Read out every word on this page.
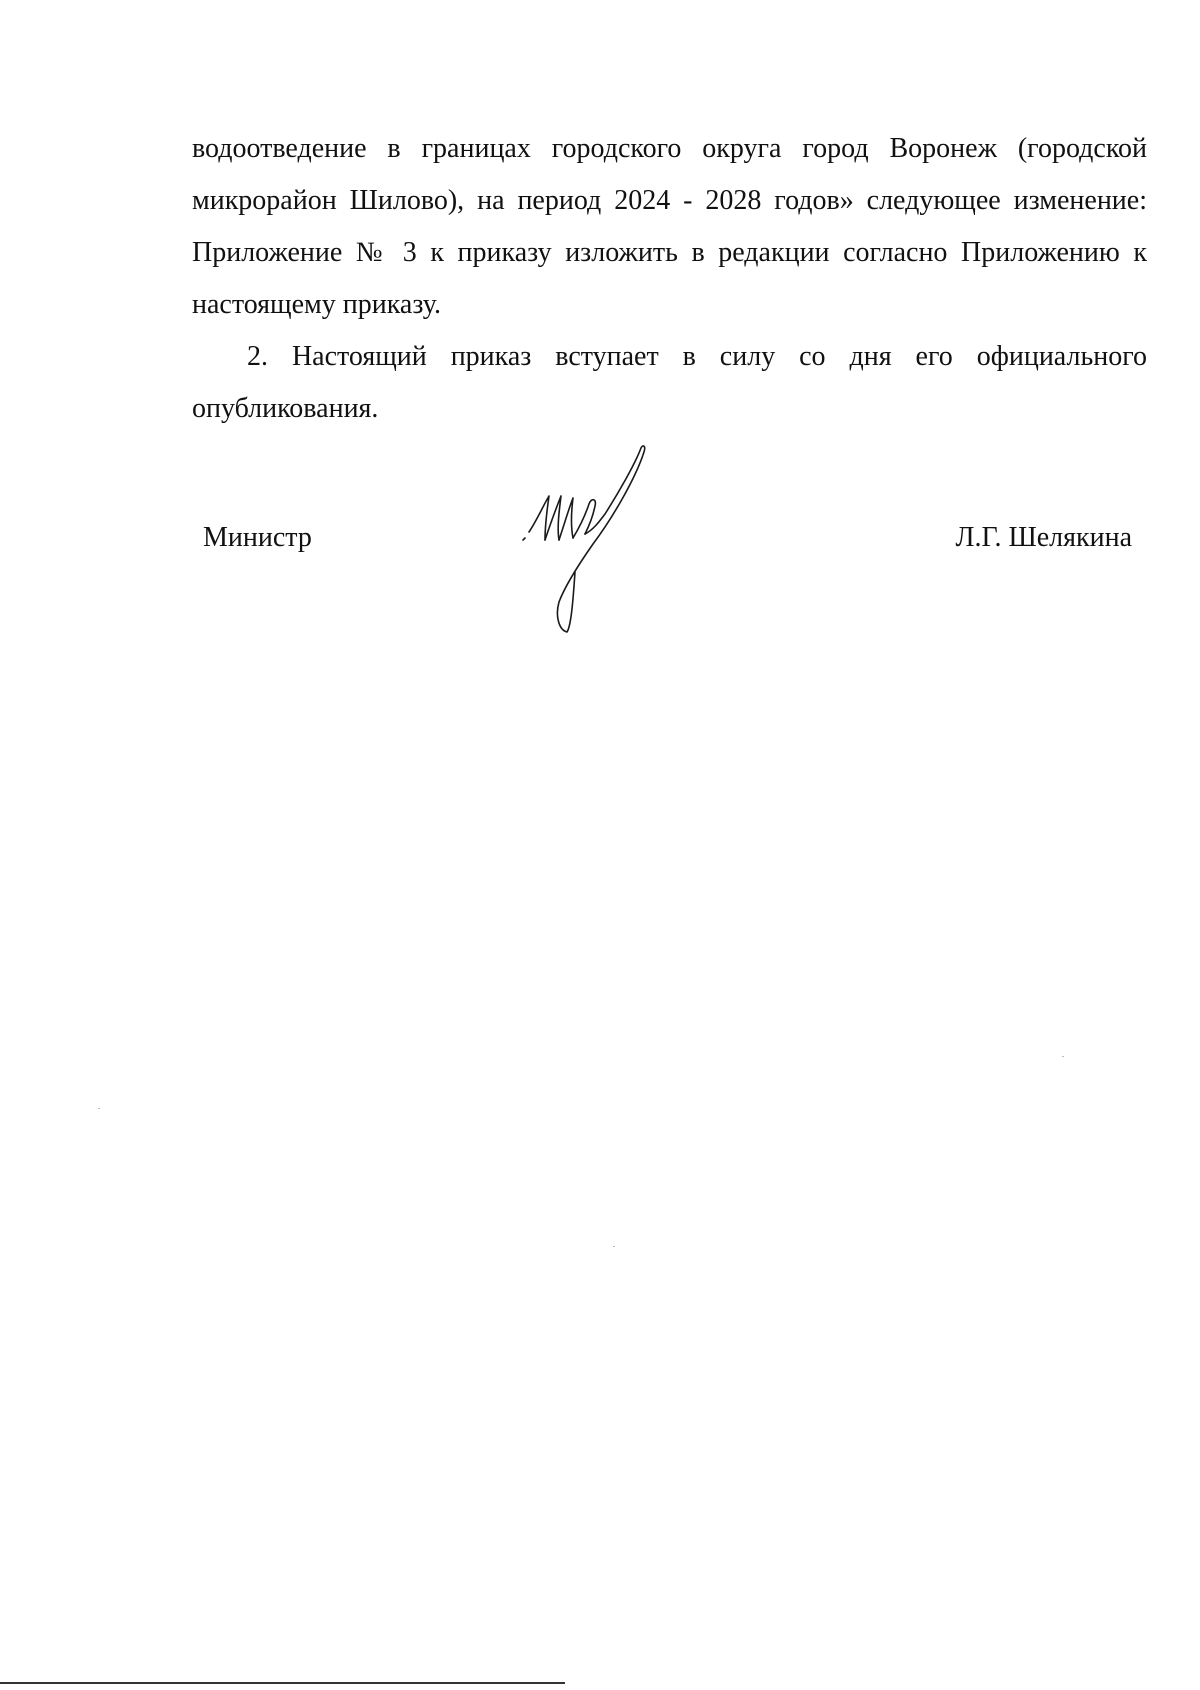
водоотведение в границах городского округа город Воронеж (городской микрорайон Шилово), на период 2024 - 2028 годов» следующее изменение: Приложение № 3 к приказу изложить в редакции согласно Приложению к настоящему приказу.

2. Настоящий приказ вступает в силу со дня его официального опубликования.

Министр	Л.Г. Шелякина
